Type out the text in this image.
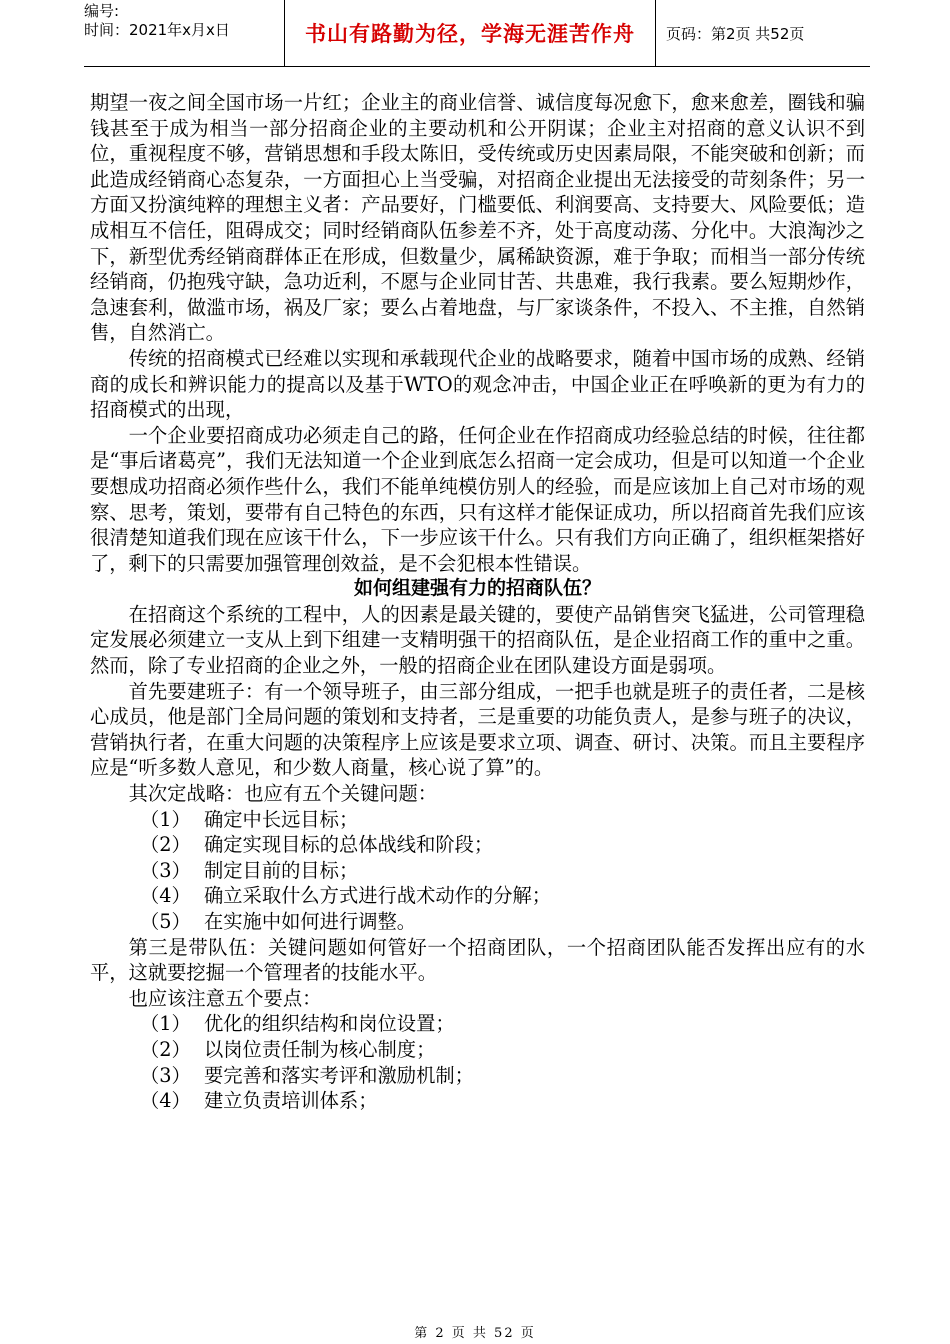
编号:
时间：2021年x月x日	书山有路勤为径，学海无涯苦作舟	页码：第2页 共52页

期望一夜之间全国市场一片红；企业主的商业信誉、诚信度每况愈下，愈来愈差，圈钱和骗钱甚至于成为相当一部分招商企业的主要动机和公开阴谋；企业主对招商的意义认识不到位，重视程度不够，营销思想和手段太陈旧，受传统或历史因素局限，不能突破和创新；而此造成经销商心态复杂，一方面担心上当受骗，对招商企业提出无法接受的苛刻条件；另一方面又扮演纯粹的理想主义者：产品要好，门槛要低、利润要高、支持要大、风险要低；造成相互不信任，阻碍成交；同时经销商队伍参差不齐，处于高度动荡、分化中。大浪淘沙之下，新型优秀经销商群体正在形成，但数量少，属稀缺资源，难于争取；而相当一部分传统经销商，仍抱残守缺，急功近利，不愿与企业同甘苦、共患难，我行我素。要么短期炒作，急速套利，做滥市场，祸及厂家；要么占着地盘，与厂家谈条件，不投入、不主推，自然销售，自然消亡。

传统的招商模式已经难以实现和承载现代企业的战略要求，随着中国市场的成熟、经销商的成长和辨识能力的提高以及基于WTO的观念冲击，中国企业正在呼唤新的更为有力的招商模式的出现，

一个企业要招商成功必须走自己的路，任何企业在作招商成功经验总结的时候，往往都是“事后诸葛亮”，我们无法知道一个企业到底怎么招商一定会成功，但是可以知道一个企业要想成功招商必须作些什么，我们不能单纯模仿别人的经验，而是应该加上自己对市场的观察、思考，策划，要带有自己特色的东西，只有这样才能保证成功，所以招商首先我们应该很清楚知道我们现在应该干什么，下一步应该干什么。只有我们方向正确了，组织框架搭好了，剩下的只需要加强管理创效益，是不会犯根本性错误。

如何组建强有力的招商队伍？

在招商这个系统的工程中，人的因素是最关键的，要使产品销售突飞猛进，公司管理稳定发展必须建立一支从上到下组建一支精明强干的招商队伍，是企业招商工作的重中之重。然而，除了专业招商的企业之外，一般的招商企业在团队建设方面是弱项。

首先要建班子：有一个领导班子，由三部分组成，一把手也就是班子的责任者，二是核心成员，他是部门全局问题的策划和支持者，三是重要的功能负责人，是参与班子的决议，营销执行者，在重大问题的决策程序上应该是要求立项、调查、研讨、决策。而且主要程序应是“听多数人意见，和少数人商量，核心说了算”的。

其次定战略：也应有五个关键问题：

（1） 确定中长远目标；

（2） 确定实现目标的总体战线和阶段；

（3） 制定目前的目标；

（4） 确立采取什么方式进行战术动作的分解；

（5） 在实施中如何进行调整。

第三是带队伍：关键问题如何管好一个招商团队，一个招商团队能否发挥出应有的水平，这就要挖掘一个管理者的技能水平。

也应该注意五个要点：

（1） 优化的组织结构和岗位设置；

（2） 以岗位责任制为核心制度；

（3） 要完善和落实考评和激励机制；

（4） 建立负责培训体系；

第 2 页 共 52 页
